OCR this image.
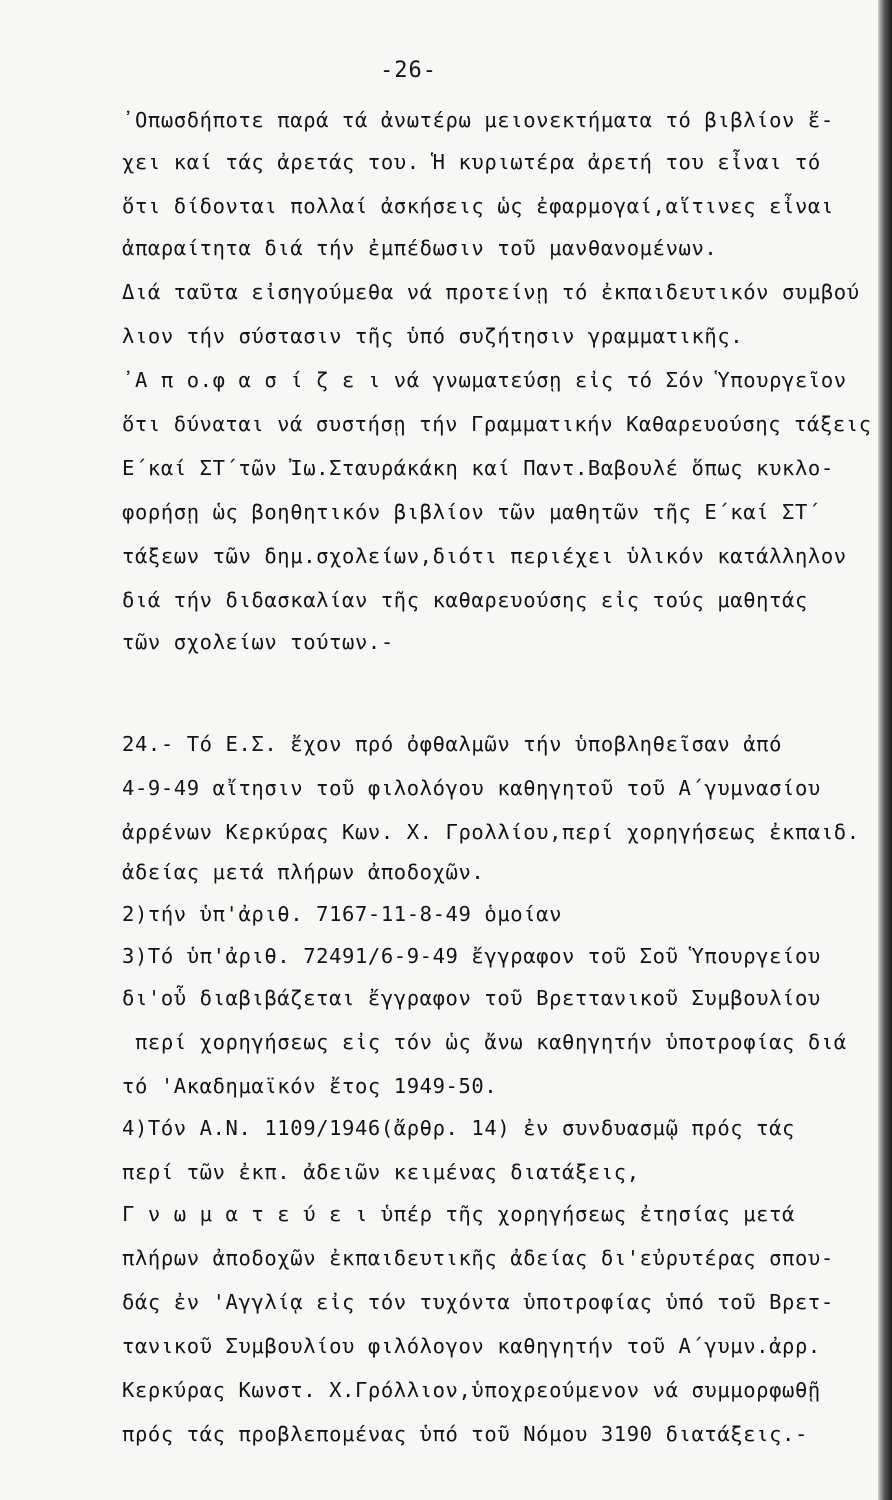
-26-
᾿Οπωσδήποτε παρά τά ἀνωτέρω μειονεκτήματα τό βιβλίον ἔ-
χει καί τάς ἀρετάς του. Ἡ κυριωτέρα ἀρετή του εἶναι τό
ὅτι δίδονται πολλαί ἀσκήσεις ὡς ἐφαρμογαί,αἵτινες εἶναι
ἀπαραίτητα διά τήν ἐμπέδωσιν τοῦ μανθανομένων.
Διά ταῦτα εἰσηγούμεθα νά προτείνῃ τό ἐκπαιδευτικόν συμβού
λιον τήν σύστασιν τῆς ὑπό συζήτησιν γραμματικῆς.
᾿Α π ο.φ α σ ί ζ ε ι νά γνωματεύσῃ εἰς τό Σόν Ὑπουργεῖον
ὅτι δύναται νά συστήσῃ τήν Γραμματικήν Καθαρευούσης τάξεις
Ε΄καί ΣΤ΄τῶν Ἰω.Σταυράκάκη καί Παντ.Βαβουλέ ὅπως κυκλο-
φορήσῃ ὡς βοηθητικόν βιβλίον τῶν μαθητῶν τῆς Ε΄καί ΣΤ΄
τάξεων τῶν δημ.σχολείων,διότι περιέχει ὑλικόν κατάλληλον
διά τήν διδασκαλίαν τῆς καθαρευούσης εἰς τούς μαθητάς
τῶν σχολείων τούτων.-
24.- Τό Ε.Σ. ἔχον πρό ὀφθαλμῶν τήν ὑποβληθεῖσαν ἀπό
4-9-49 αἴτησιν τοῦ φιλολόγου καθηγητοῦ τοῦ Α΄γυμνασίου
ἀρρένων Κερκύρας Κων. Χ. Γρολλίου,περί χορηγήσεως ἐκπαιδ.
ἀδείας μετά πλήρων ἀποδοχῶν.
2)τήν ὑπ'ἀριθ. 7167-11-8-49 ὁμοίαν
3)Τό ὑπ'ἀριθ. 72491/6-9-49 ἔγγραφον τοῦ Σοῦ Ὑπουργείου
δι'οὗ διαβιβάζεται ἔγγραφον τοῦ Βρεττανικοῦ Συμβουλίου
περί χορηγήσεως εἰς τόν ὡς ἄνω καθηγητήν ὑποτροφίας διά
τό 'Ακαδημαϊκόν ἔτος 1949-50.
4)Τόν Α.Ν. 1109/1946(ἄρθρ. 14) ἐν συνδυασμῷ πρός τάς
περί τῶν ἐκπ. ἀδειῶν κειμένας διατάξεις,
Γ ν ω μ α τ ε ύ ε ι ὑπέρ τῆς χορηγήσεως ἐτησίας μετά
πλήρων ἀποδοχῶν ἐκπαιδευτικῆς ἀδείας δι'εὐρυτέρας σπου-
δάς ἐν 'Αγγλίᾳ εἰς τόν τυχόντα ὑποτροφίας ὑπό τοῦ Βρετ-
τανικοῦ Συμβουλίου φιλόλογον καθηγητήν τοῦ Α΄γυμν.ἀρρ.
Κερκύρας Κωνστ. Χ.Γρόλλιον,ὑποχρεούμενον νά συμμορφωθῇ
πρός τάς προβλεπομένας ὑπό τοῦ Νόμου 3190 διατάξεις.-
